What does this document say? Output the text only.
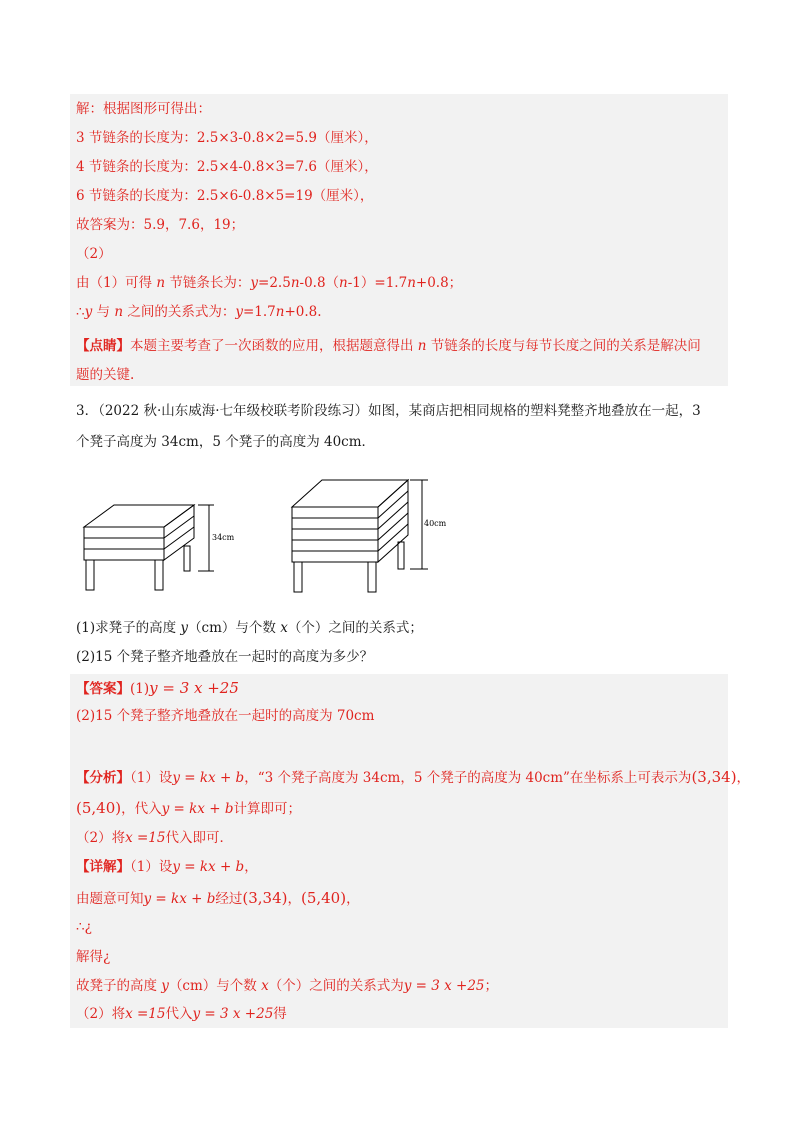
解：根据图形可得出：
3 节链条的长度为：2.5×3-0.8×2=5.9（厘米），
4 节链条的长度为：2.5×4-0.8×3=7.6（厘米），
6 节链条的长度为：2.5×6-0.8×5=19（厘米），
故答案为：5.9，7.6，19；
（2）
由（1）可得 n 节链条长为：y=2.5n-0.8（n-1）=1.7n+0.8；
∴y 与 n 之间的关系式为：y=1.7n+0.8.
【点睛】本题主要考查了一次函数的应用，根据题意得出 n 节链条的长度与每节长度之间的关系是解决问
题的关键.
3．（2022 秋·山东威海·七年级校联考阶段练习）如图，某商店把相同规格的塑料凳整齐地叠放在一起，3
个凳子高度为 34cm，5 个凳子的高度为 40cm．
34cm
40cm
(1)求凳子的高度 y（cm）与个数 x（个）之间的关系式；
(2)15 个凳子整齐地叠放在一起时的高度为多少？
【答案】(1)y = 3 x +25
(2)15 个凳子整齐地叠放在一起时的高度为 70cm
【分析】（1）设y = kx + b，“3 个凳子高度为 34cm，5 个凳子的高度为 40cm”在坐标系上可表示为(3,34)，
(5,40)，代入y = kx + b计算即可；
（2）将x =15代入即可．
【详解】（1）设y = kx + b，
由题意可知y = kx + b经过(3,34)，(5,40)，
∴¿
解得¿
故凳子的高度 y（cm）与个数 x（个）之间的关系式为y = 3 x +25；
（2）将x =15代入y = 3 x +25得
